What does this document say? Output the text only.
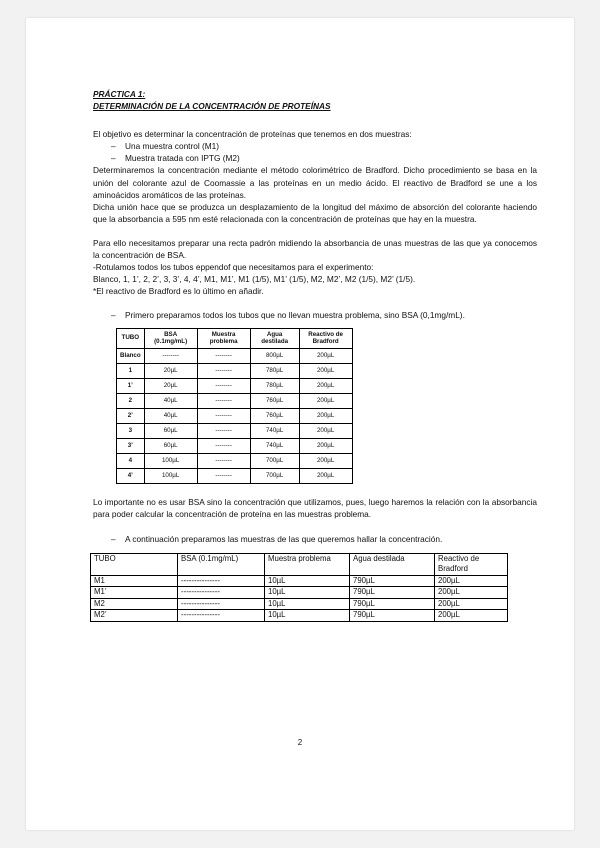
PRÁCTICA 1:
DETERMINACIÓN DE LA CONCENTRACIÓN DE PROTEÍNAS

El objetivo es determinar la concentración de proteínas que tenemos en dos muestras:

–	Una muestra control (M1)
–	Muestra tratada con IPTG (M2)

Determinaremos la concentración mediante el método colorimétrico de Bradford. Dicho procedimiento se basa en la unión del colorante azul de Coomassie a las proteínas en un medio ácido. El reactivo de Bradford se une a los aminoácidos aromáticos de las proteínas.

Dicha unión hace que se produzca un desplazamiento de la longitud del máximo de absorción del colorante haciendo que la absorbancia a 595 nm esté relacionada con la concentración de proteínas que hay en la muestra.

Para ello necesitamos preparar una recta padrón midiendo la absorbancia de unas muestras de las que ya conocemos la concentración de BSA.

-Rotulamos todos los tubos eppendof que necesitamos para el experimento:

Blanco, 1, 1’, 2, 2’, 3, 3’, 4, 4’, M1, M1’, M1 (1/5), M1’ (1/5), M2, M2’, M2 (1/5), M2’ (1/5).

*El reactivo de Bradford es lo último en añadir.

–	Primero preparamos todos los tubos que no llevan muestra problema, sino BSA (0,1mg/mL).
TUBO	BSA (0.1mg/mL)	Muestra problema	Agua destilada	Reactivo de Bradford
Blanco	--------	--------	800µL	200µL
1	20µL	--------	780µL	200µL
1’	20µL	--------	780µL	200µL
2	40µL	--------	760µL	200µL
2’	40µL	--------	760µL	200µL
3	60µL	--------	740µL	200µL
3’	60µL	--------	740µL	200µL
4	100µL	--------	700µL	200µL
4’	100µL	--------	700µL	200µL

Lo importante no es usar BSA sino la concentración que utilizamos, pues, luego haremos la relación con la absorbancia para poder calcular la concentración de proteína en las muestras problema.

–	A continuación preparamos las muestras de las que queremos hallar la concentración.
TUBO	BSA (0.1mg/mL)	Muestra problema	Agua destilada	Reactivo de Bradford
M1	---------------	10µL	790µL	200µL
M1’	---------------	10µL	790µL	200µL
M2	---------------	10µL	790µL	200µL
M2’	---------------	10µL	790µL	200µL
2
